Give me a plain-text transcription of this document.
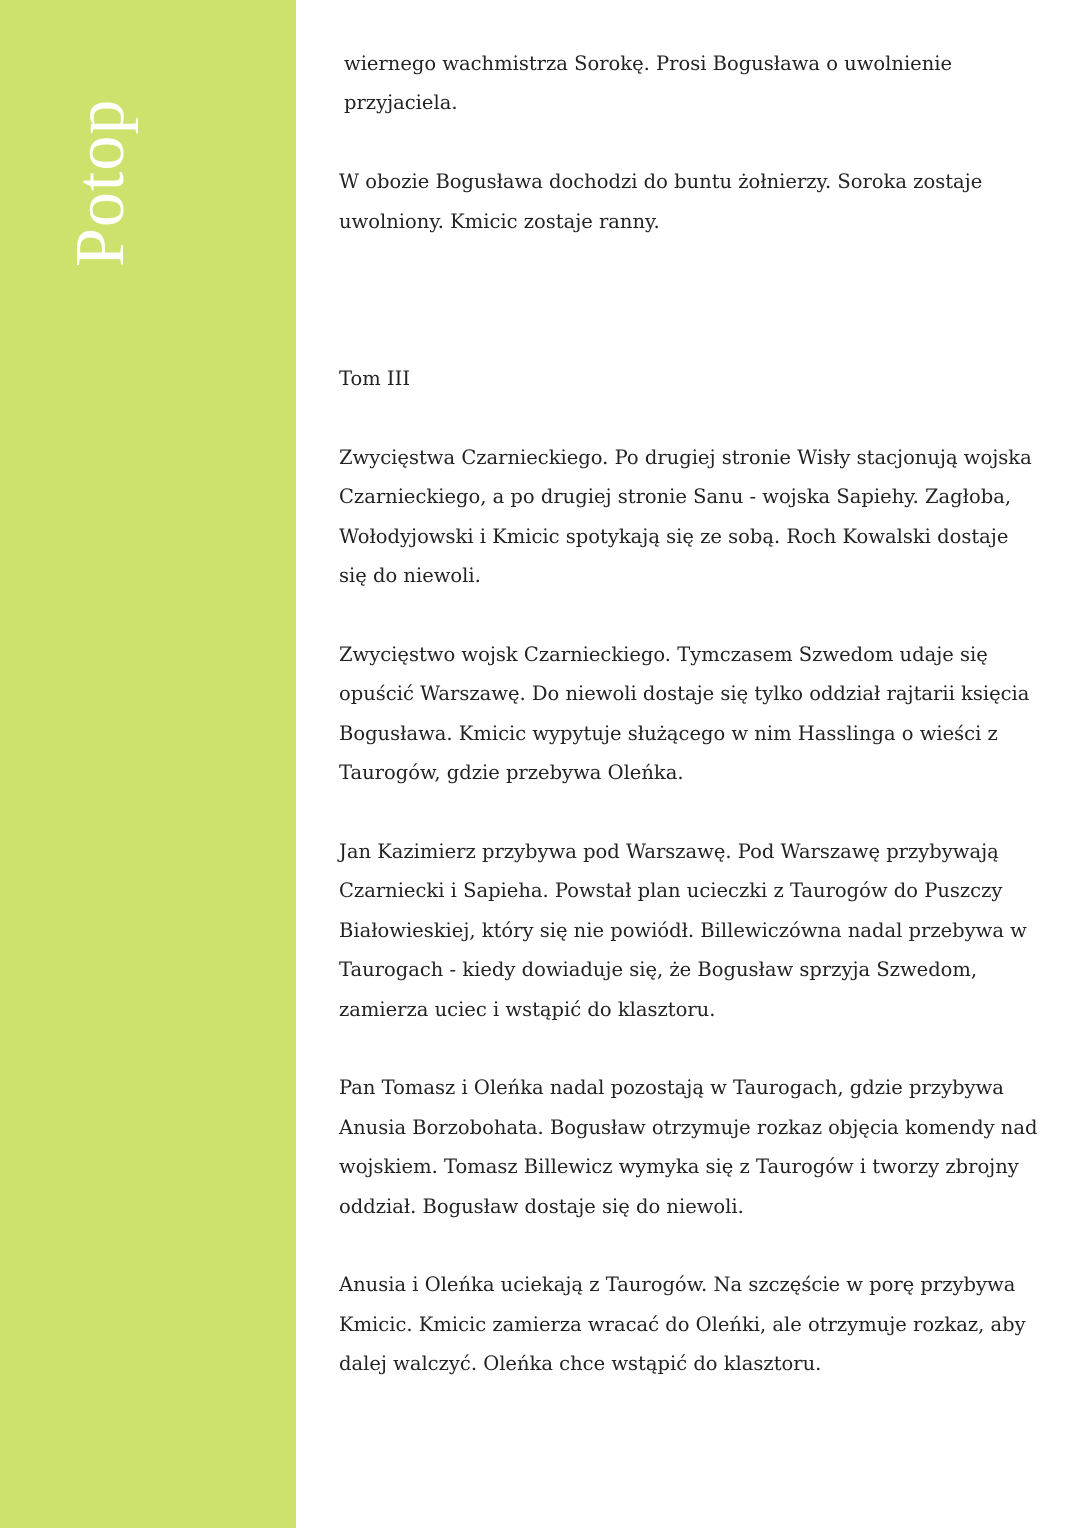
Potop

wiernego wachmistrza Sorokę. Prosi Bogusława o uwolnienie przyjaciela.

W obozie Bogusława dochodzi do buntu żołnierzy. Soroka zostaje uwolniony. Kmicic zostaje ranny.

Tom III

Zwycięstwa Czarnieckiego. Po drugiej stronie Wisły stacjonują wojska Czarnieckiego, a po drugiej stronie Sanu - wojska Sapiehy. Zagłoba, Wołodyjowski i Kmicic spotykają się ze sobą. Roch Kowalski dostaje się do niewoli.

Zwycięstwo wojsk Czarnieckiego. Tymczasem Szwedom udaje się opuścić Warszawę. Do niewoli dostaje się tylko oddział rajtarii księcia Bogusława. Kmicic wypytuje służącego w nim Hasslinga o wieści z Taurogów, gdzie przebywa Oleńka.

Jan Kazimierz przybywa pod Warszawę. Pod Warszawę przybywają Czarniecki i Sapieha. Powstał plan ucieczki z Taurogów do Puszczy Białowieskiej, który się nie powiódł. Billewiczówna nadal przebywa w Taurogach - kiedy dowiaduje się, że Bogusław sprzyja Szwedom, zamierza uciec i wstąpić do klasztoru.

Pan Tomasz i Oleńka nadal pozostają w Taurogach, gdzie przybywa Anusia Borzobohata. Bogusław otrzymuje rozkaz objęcia komendy nad wojskiem. Tomasz Billewicz wymyka się z Taurogów i tworzy zbrojny oddział. Bogusław dostaje się do niewoli.

Anusia i Oleńka uciekają z Taurogów. Na szczęście w porę przybywa Kmicic. Kmicic zamierza wracać do Oleńki, ale otrzymuje rozkaz, aby dalej walczyć. Oleńka chce wstąpić do klasztoru.
